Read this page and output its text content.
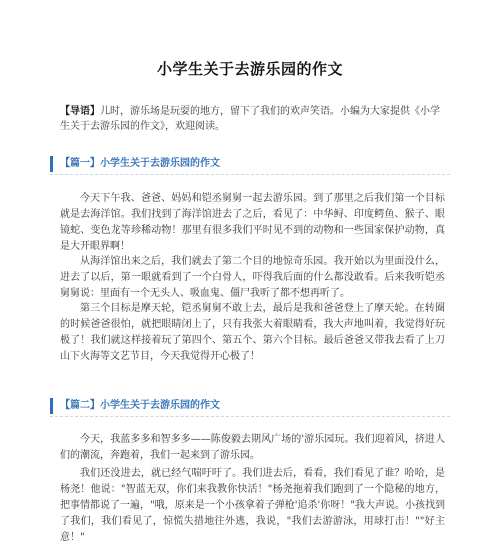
小学生关于去游乐园的作文
【导语】儿时，游乐场是玩耍的地方，留下了我们的欢声笑语。小编为大家提供《小学生关于去游乐园的作文》，欢迎阅读。
【篇一】小学生关于去游乐园的作文

今天下午我、爸爸、妈妈和铠丞舅舅一起去游乐园。到了那里之后我们第一个目标就是去海洋馆。我们找到了海洋馆进去了之后，看见了：中华鲟、印度鳄鱼、猴子、眼镜蛇、变色龙等珍稀动物！那里有很多我们平时见不到的动物和一些国家保护动物，真是大开眼界啊！

从海洋馆出来之后，我们就去了第二个目的地惊奇乐园。我开始以为里面没什么，进去了以后，第一眼就看到了一个白骨人，吓得我后面的什么都没敢看。后来我听铠丞舅舅说：里面有一个无头人、吸血鬼、僵尸我听了都不想再听了。

第三个目标是摩天轮，铠丞舅舅不敢上去，最后是我和爸爸登上了摩天轮。在转圈的时候爸爸很怕，就把眼睛闭上了，只有我张大着眼睛看，我大声地叫着，我觉得好玩极了！我们就这样接着玩了第四个、第五个、第六个目标。最后爸爸又带我去看了上刀山下火海等文艺节目，今天我觉得开心极了！

【篇二】小学生关于去游乐园的作文

今天，我蓝多多和智多多——陈俊毅去期风广场的'游乐园玩。我们迎着风，挤进人们的潮流，奔跑着，我们一起来到了游乐园。

我们还没进去，就已经气喘吁吁了。我们进去后，看看，我们看见了谁？哈哈，是杨尧！他说："智蓝无双，你们来我教你快活！"杨尧拖着我们跑到了一个隐秘的地方，把事情都说了一遍，"哦，原来是一个小孩拿着子弹枪'追杀'你呀！"我大声说。小孩找到了我们，我们看见了，惊慌失措地往外逃，我说，"我们去游游泳，用球打击！""好主意！"
